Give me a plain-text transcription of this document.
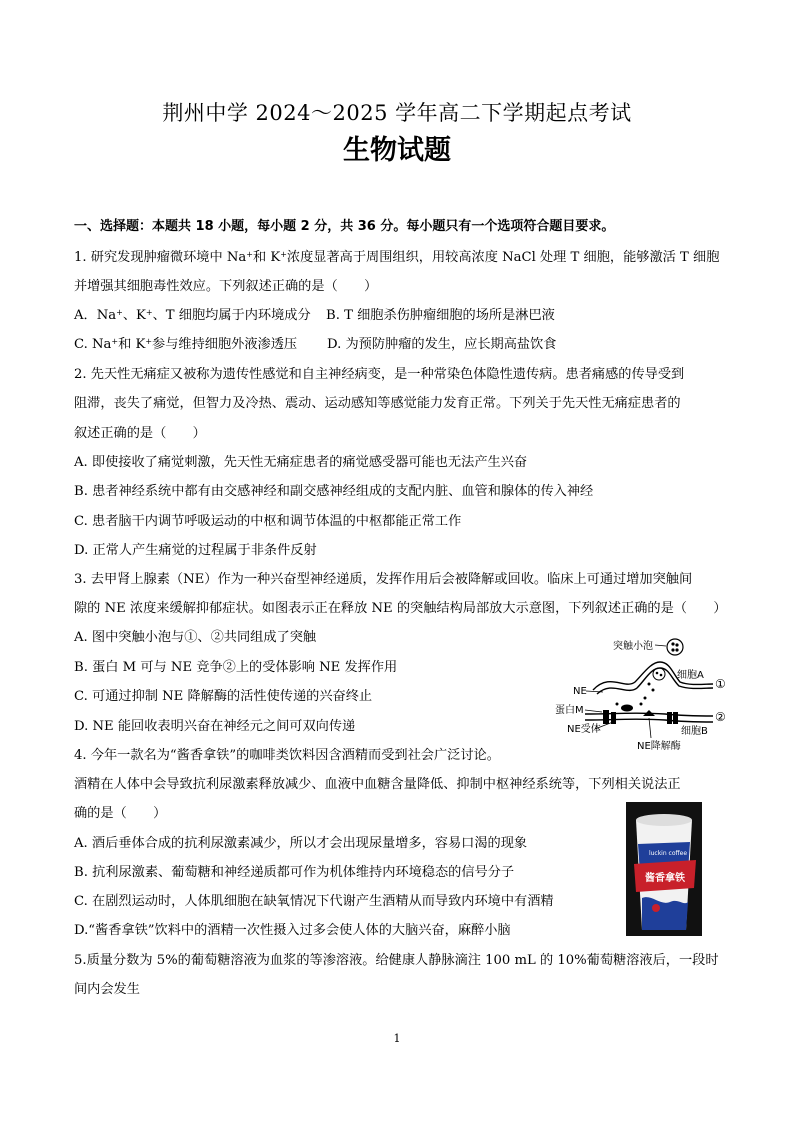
荆州中学 2024～2025 学年高二下学期起点考试
生物试题
一、选择题：本题共 18 小题，每小题 2 分，共 36 分。每小题只有一个选项符合题目要求。
1. 研究发现肿瘤微环境中 Na+和 K+浓度显著高于周围组织，用较高浓度 NaCl 处理 T 细胞，能够激活 T 细胞
并增强其细胞毒性效应。下列叙述正确的是（　　）
A．Na+、K+、T 细胞均属于内环境成分 B. T 细胞杀伤肿瘤细胞的场所是淋巴液
C. Na+和 K+参与维持细胞外液渗透压 D. 为预防肿瘤的发生，应长期高盐饮食
2. 先天性无痛症又被称为遗传性感觉和自主神经病变，是一种常染色体隐性遗传病。患者痛感的传导受到
阻滞，丧失了痛觉，但智力及冷热、震动、运动感知等感觉能力发育正常。下列关于先天性无痛症患者的
叙述正确的是（　　）
A. 即使接收了痛觉刺激，先天性无痛症患者的痛觉感受器可能也无法产生兴奋
B. 患者神经系统中都有由交感神经和副交感神经组成的支配内脏、血管和腺体的传入神经
C. 患者脑干内调节呼吸运动的中枢和调节体温的中枢都能正常工作
D. 正常人产生痛觉的过程属于非条件反射
3. 去甲肾上腺素（NE）作为一种兴奋型神经递质，发挥作用后会被降解或回收。临床上可通过增加突触间
隙的 NE 浓度来缓解抑郁症状。如图表示正在释放 NE 的突触结构局部放大示意图，下列叙述正确的是（　　）
A. 图中突触小泡与①、②共同组成了突触
B. 蛋白 M 可与 NE 竞争②上的受体影响 NE 发挥作用
C. 可通过抑制 NE 降解酶的活性使传递的兴奋终止
D. NE 能回收表明兴奋在神经元之间可双向传递
突触小泡
细胞A
NE
蛋白M
NE受体
NE降解酶
细胞B
①
②
4. 今年一款名为“酱香拿铁”的咖啡类饮料因含酒精而受到社会广泛讨论。
酒精在人体中会导致抗利尿激素释放减少、血液中血糖含量降低、抑制中枢神经系统等，下列相关说法正
确的是（　　）
A. 酒后垂体合成的抗利尿激素减少，所以才会出现尿量增多，容易口渴的现象
B. 抗利尿激素、葡萄糖和神经递质都可作为机体维持内环境稳态的信号分子
C. 在剧烈运动时，人体肌细胞在缺氧情况下代谢产生酒精从而导致内环境中有酒精
D.“酱香拿铁”饮料中的酒精一次性摄入过多会使人体的大脑兴奋，麻醉小脑
luckin coffee
酱香拿铁
5.质量分数为 5%的葡萄糖溶液为血浆的等渗溶液。给健康人静脉滴注 100 mL 的 10%葡萄糖溶液后，一段时
间内会发生
1
